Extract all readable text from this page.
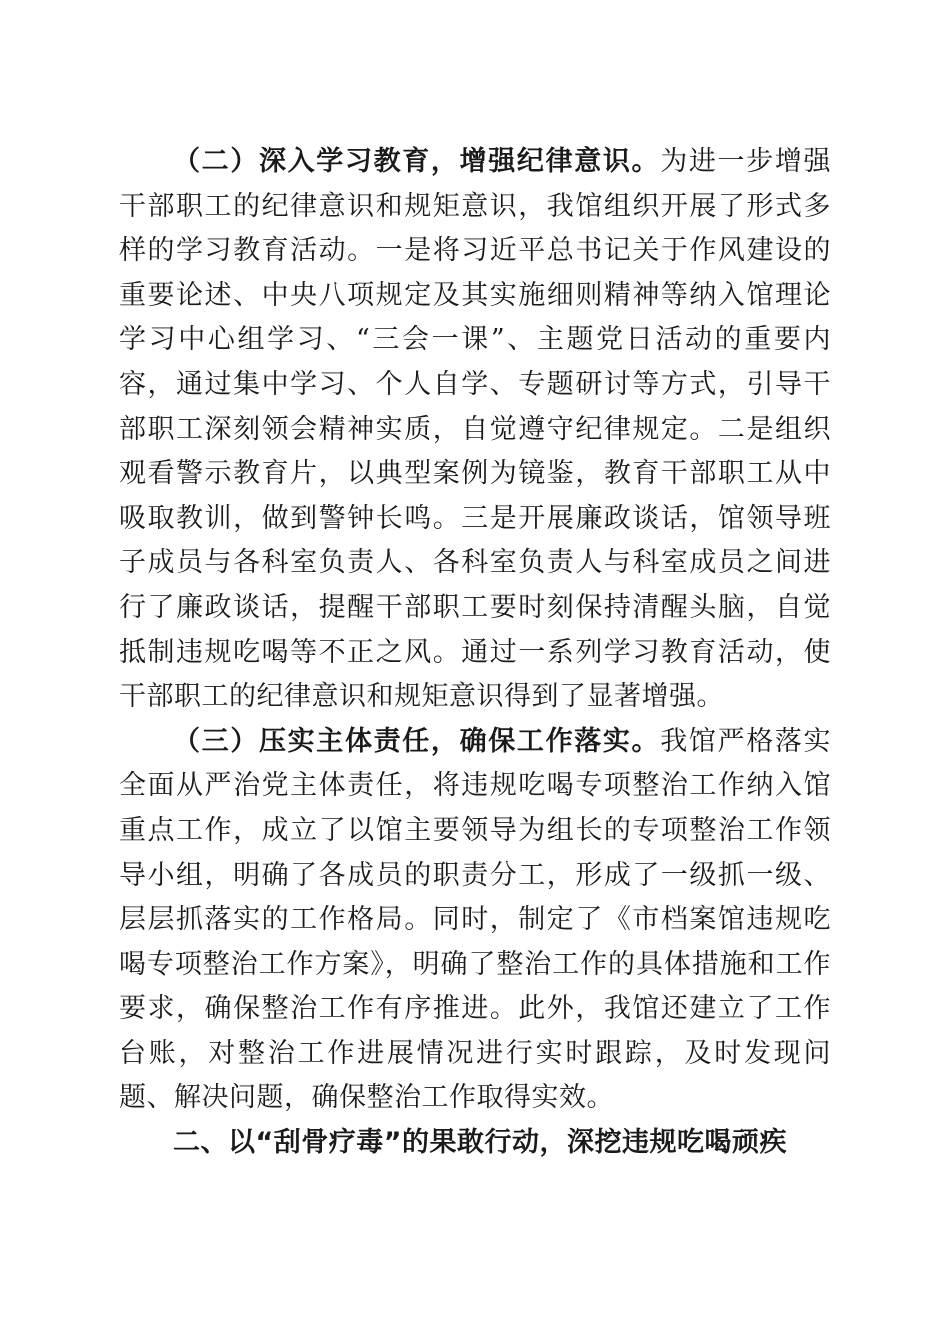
（二）深入学习教育，增强纪律意识。为进一步增强干部职工的纪律意识和规矩意识，我馆组织开展了形式多样的学习教育活动。一是将习近平总书记关于作风建设的重要论述、中央八项规定及其实施细则精神等纳入馆理论学习中心组学习、“三会一课”、主题党日活动的重要内容，通过集中学习、个人自学、专题研讨等方式，引导干部职工深刻领会精神实质，自觉遵守纪律规定。二是组织观看警示教育片，以典型案例为镜鉴，教育干部职工从中吸取教训，做到警钟长鸣。三是开展廉政谈话，馆领导班子成员与各科室负责人、各科室负责人与科室成员之间进行了廉政谈话，提醒干部职工要时刻保持清醒头脑，自觉抵制违规吃喝等不正之风。通过一系列学习教育活动，使干部职工的纪律意识和规矩意识得到了显著增强。

（三）压实主体责任，确保工作落实。我馆严格落实全面从严治党主体责任，将违规吃喝专项整治工作纳入馆重点工作，成立了以馆主要领导为组长的专项整治工作领导小组，明确了各成员的职责分工，形成了一级抓一级、层层抓落实的工作格局。同时，制定了《市档案馆违规吃喝专项整治工作方案》，明确了整治工作的具体措施和工作要求，确保整治工作有序推进。此外，我馆还建立了工作台账，对整治工作进展情况进行实时跟踪，及时发现问题、解决问题，确保整治工作取得实效。

二、以“刮骨疗毒”的果敢行动，深挖违规吃喝顽疾
